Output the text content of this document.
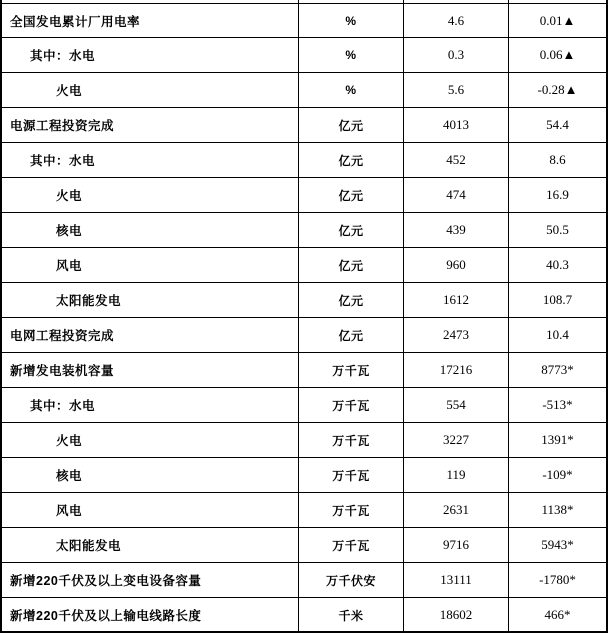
全国发电累计厂用电率	%	4.6	0.01▲
其中：水电	%	0.3	0.06▲
火电	%	5.6	-0.28▲
电源工程投资完成	亿元	4013	54.4
其中：水电	亿元	452	8.6
火电	亿元	474	16.9
核电	亿元	439	50.5
风电	亿元	960	40.3
太阳能发电	亿元	1612	108.7
电网工程投资完成	亿元	2473	10.4
新增发电装机容量	万千瓦	17216	8773*
其中：水电	万千瓦	554	-513*
火电	万千瓦	3227	1391*
核电	万千瓦	119	-109*
风电	万千瓦	2631	1138*
太阳能发电	万千瓦	9716	5943*
新增220千伏及以上变电设备容量	万千伏安	13111	-1780*
新增220千伏及以上输电线路长度	千米	18602	466*
